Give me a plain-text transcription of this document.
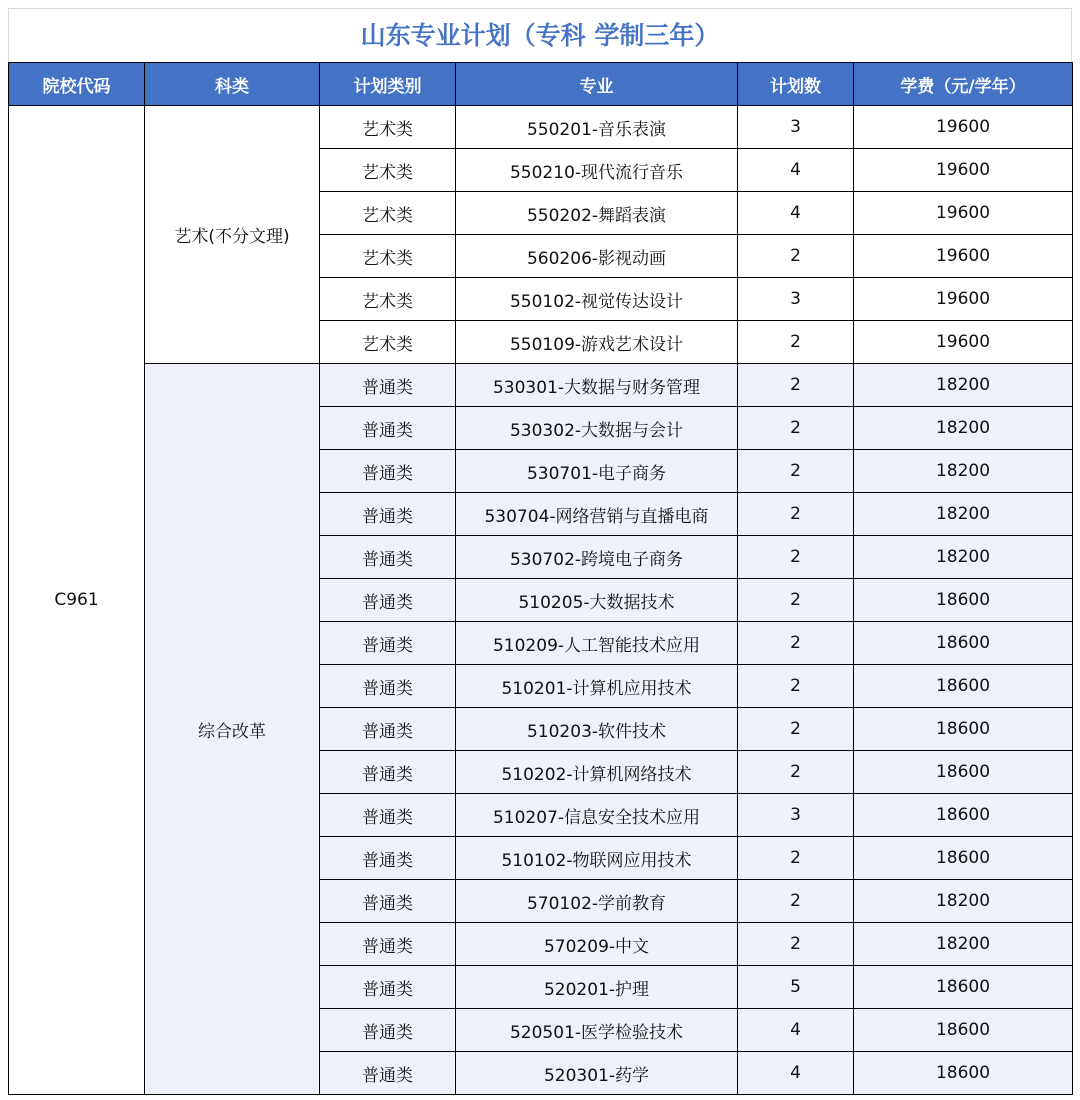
山东专业计划（专科 学制三年）
院校代码	科类	计划类别	专业	计划数	学费（元/学年）
C961	艺术(不分文理)	艺术类	550201-音乐表演	3	19600
		艺术类	550210-现代流行音乐	4	19600
		艺术类	550202-舞蹈表演	4	19600
		艺术类	560206-影视动画	2	19600
		艺术类	550102-视觉传达设计	3	19600
		艺术类	550109-游戏艺术设计	2	19600
	综合改革	普通类	530301-大数据与财务管理	2	18200
		普通类	530302-大数据与会计	2	18200
		普通类	530701-电子商务	2	18200
		普通类	530704-网络营销与直播电商	2	18200
		普通类	530702-跨境电子商务	2	18200
		普通类	510205-大数据技术	2	18600
		普通类	510209-人工智能技术应用	2	18600
		普通类	510201-计算机应用技术	2	18600
		普通类	510203-软件技术	2	18600
		普通类	510202-计算机网络技术	2	18600
		普通类	510207-信息安全技术应用	3	18600
		普通类	510102-物联网应用技术	2	18600
		普通类	570102-学前教育	2	18200
		普通类	570209-中文	2	18200
		普通类	520201-护理	5	18600
		普通类	520501-医学检验技术	4	18600
		普通类	520301-药学	4	18600
